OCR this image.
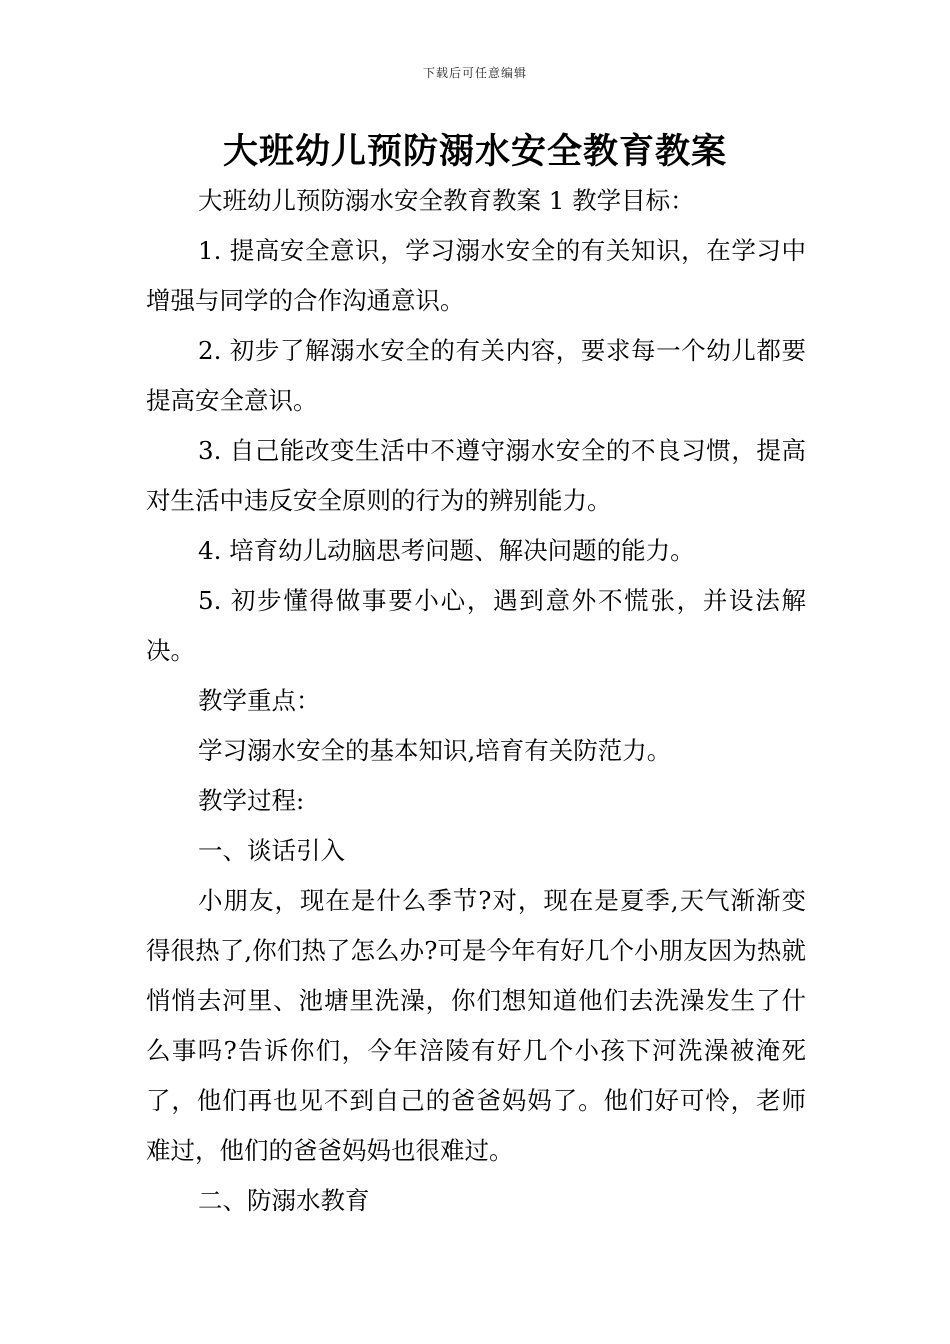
下载后可任意编辑
大班幼儿预防溺水安全教育教案

大班幼儿预防溺水安全教育教案 1 教学目标：

1. 提高安全意识，学习溺水安全的有关知识，在学习中增强与同学的合作沟通意识。

2. 初步了解溺水安全的有关内容，要求每一个幼儿都要提高安全意识。

3. 自己能改变生活中不遵守溺水安全的不良习惯，提高对生活中违反安全原则的行为的辨别能力。

4. 培育幼儿动脑思考问题、解决问题的能力。

5. 初步懂得做事要小心，遇到意外不慌张，并设法解决。

教学重点：

学习溺水安全的基本知识,培育有关防范力。

教学过程:

一、谈话引入

小朋友，现在是什么季节?对，现在是夏季,天气渐渐变得很热了,你们热了怎么办?可是今年有好几个小朋友因为热就悄悄去河里、池塘里洗澡，你们想知道他们去洗澡发生了什么事吗?告诉你们，今年涪陵有好几个小孩下河洗澡被淹死了，他们再也见不到自己的爸爸妈妈了。他们好可怜，老师难过，他们的爸爸妈妈也很难过。

二、防溺水教育
